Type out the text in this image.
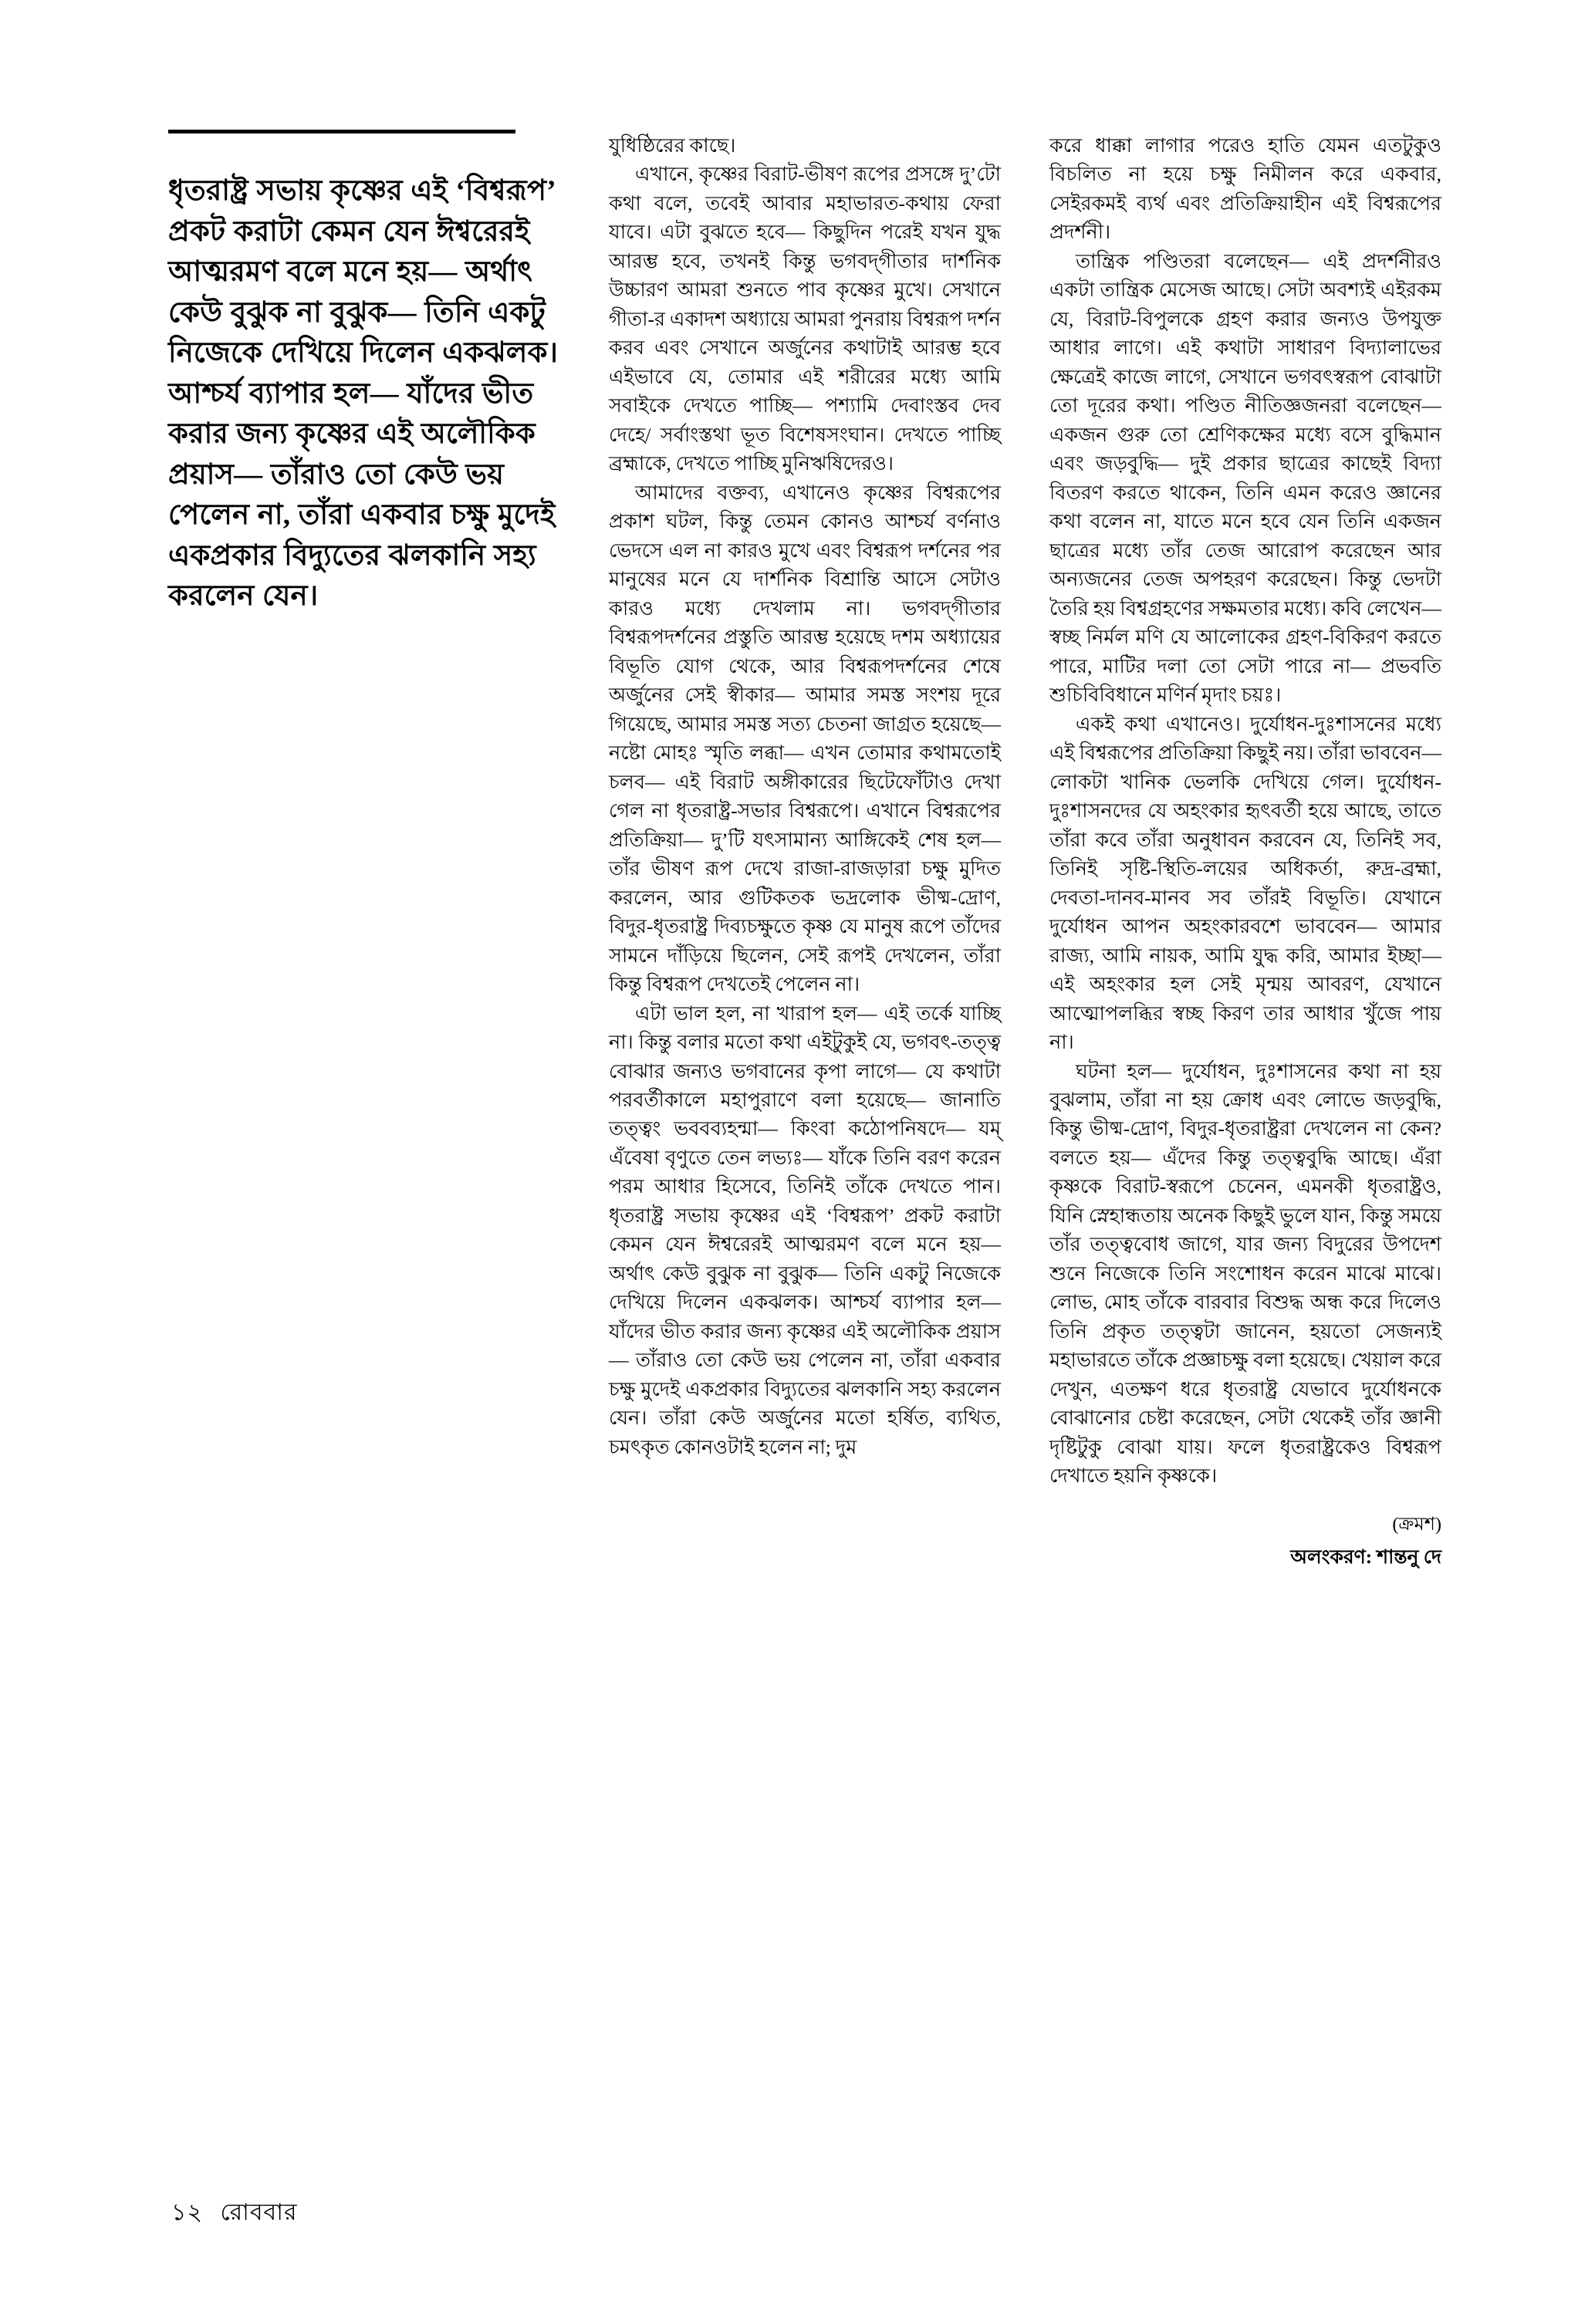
ধৃতরাষ্ট্র সভায় কৃষ্ণের এই ‘বিশ্বরূপ’ প্রকট করাটা কেমন যেন ঈশ্বরেরই আত্মরমণ বলে মনে হয়— অর্থাৎ কেউ বুঝুক না বুঝুক— তিনি একটু নিজেকে দেখিয়ে দিলেন একঝলক। আশ্চর্য ব্যাপার হল— যাঁদের ভীত করার জন্য কৃষ্ণের এই অলৌকিক প্রয়াস— তাঁরাও তো কেউ ভয় পেলেন না, তাঁরা একবার চক্ষু মুদেই একপ্রকার বিদ্যুতের ঝলকানি সহ্য করলেন যেন।

যুধিষ্ঠিরের কাছে।

এখানে, কৃষ্ণের বিরাট-ভীষণ রূপের প্রসঙ্গে দু’টো কথা বলে, তবেই আবার মহাভারত-কথায় ফেরা যাবে। এটা বুঝতে হবে— কিছুদিন পরেই যখন যুদ্ধ আরম্ভ হবে, তখনই কিন্তু ভগবদ্‌গীতার দার্শনিক উচ্চারণ আমরা শুনতে পাব কৃষ্ণের মুখে। সেখানে গীতা-র একাদশ অধ্যায়ে আমরা পুনরায় বিশ্বরূপ দর্শন করব এবং সেখানে অর্জুনের কথাটাই আরম্ভ হবে এইভাবে যে, তোমার এই শরীরের মধ্যে আমি সবাইকে দেখতে পাচ্ছি— পশ্যামি দেবাংস্তব দেব দেহে/ সর্বাংস্তথা ভূত বিশেষসংঘান। দেখতে পাচ্ছি ব্রহ্মাকে, দেখতে পাচ্ছি মুনিঋষিদেরও।

আমাদের বক্তব্য, এখানেও কৃষ্ণের বিশ্বরূপের প্রকাশ ঘটল, কিন্তু তেমন কোনও আশ্চর্য বর্ণনাও ভেদসে এল না কারও মুখে এবং বিশ্বরূপ দর্শনের পর মানুষের মনে যে দার্শনিক বিশ্রান্তি আসে সেটাও কারও মধ্যে দেখলাম না। ভগবদ্‌গীতার বিশ্বরূপদর্শনের প্রস্তুতি আরম্ভ হয়েছে দশম অধ্যায়ের বিভূতি যোগ থেকে, আর বিশ্বরূপদর্শনের শেষে অর্জুনের সেই স্বীকার— আমার সমস্ত সংশয় দূরে গিয়েছে, আমার সমস্ত সত্য চেতনা জাগ্রত হয়েছে— নষ্টো মোহঃ স্মৃতি লব্ধা— এখন তোমার কথামতোই চলব— এই বিরাট অঙ্গীকারের ছিটেফোঁটাও দেখা গেল না ধৃতরাষ্ট্র-সভার বিশ্বরূপে। এখানে বিশ্বরূপের প্রতিক্রিয়া— দু’টি যৎসামান্য আঙ্গিকেই শেষ হল— তাঁর ভীষণ রূপ দেখে রাজা-রাজড়ারা চক্ষু মুদিত করলেন, আর গুটিকতক ভদ্রলোক ভীষ্ম-দ্রোণ, বিদুর-ধৃতরাষ্ট্র দিব্যচক্ষুতে কৃষ্ণ যে মানুষ রূপে তাঁদের সামনে দাঁড়িয়ে ছিলেন, সেই রূপই দেখলেন, তাঁরা কিন্তু বিশ্বরূপ দেখতেই পেলেন না।

এটা ভাল হল, না খারাপ হল— এই তর্কে যাচ্ছি না। কিন্তু বলার মতো কথা এইটুকুই যে, ভগবৎ-তত্ত্ব বোঝার জন্যও ভগবানের কৃপা লাগে— যে কথাটা পরবর্তীকালে মহাপুরাণে বলা হয়েছে— জানাতি তত্ত্বং ভববব্যহন্মা— কিংবা কঠোপনিষদে— যম্ এঁবেষা বৃণুতে তেন লভ্যঃ— যাঁকে তিনি বরণ করেন পরম আধার হিসেবে, তিনিই তাঁকে দেখতে পান। ধৃতরাষ্ট্র সভায় কৃষ্ণের এই ‘বিশ্বরূপ’ প্রকট করাটা কেমন যেন ঈশ্বরেরই আত্মরমণ বলে মনে হয়— অর্থাৎ কেউ বুঝুক না বুঝুক— তিনি একটু নিজেকে দেখিয়ে দিলেন একঝলক। আশ্চর্য ব্যাপার হল— যাঁদের ভীত করার জন্য কৃষ্ণের এই অলৌকিক প্রয়াস— তাঁরাও তো কেউ ভয় পেলেন না, তাঁরা একবার চক্ষু মুদেই একপ্রকার বিদ্যুতের ঝলকানি সহ্য করলেন যেন। তাঁরা কেউ অর্জুনের মতো হর্ষিত, ব্যথিত, চমৎকৃত কোনওটাই হলেন না; দুম

করে ধাক্কা লাগার পরেও হাতি যেমন এতটুকুও বিচলিত না হয়ে চক্ষু নিমীলন করে একবার, সেইরকমই ব্যর্থ এবং প্রতিক্রিয়াহীন এই বিশ্বরূপের প্রদর্শনী।

তান্ত্রিক পণ্ডিতরা বলেছেন— এই প্রদর্শনীরও একটা তান্ত্রিক মেসেজ আছে। সেটা অবশ্যই এইরকম যে, বিরাট-বিপুলকে গ্রহণ করার জন্যও উপযুক্ত আধার লাগে। এই কথাটা সাধারণ বিদ্যালাভের ক্ষেত্রেই কাজে লাগে, সেখানে ভগবৎস্বরূপ বোঝাটা তো দূরের কথা। পণ্ডিত নীতিজ্ঞজনরা বলেছেন— একজন গুরু তো শ্রেণিকক্ষের মধ্যে বসে বুদ্ধিমান এবং জড়বুদ্ধি— দুই প্রকার ছাত্রের কাছেই বিদ্যা বিতরণ করতে থাকেন, তিনি এমন করেও জ্ঞানের কথা বলেন না, যাতে মনে হবে যেন তিনি একজন ছাত্রের মধ্যে তাঁর তেজ আরোপ করেছেন আর অন্যজনের তেজ অপহরণ করেছেন। কিন্তু ভেদটা তৈরি হয় বিশ্বগ্রহণের সক্ষমতার মধ্যে। কবি লেখেন— স্বচ্ছ নির্মল মণি যে আলোকের গ্রহণ-বিকিরণ করতে পারে, মাটির দলা তো সেটা পারে না— প্রভবতি শুচিবিবিধানে মণির্ন মৃদাং চয়ঃ।

একই কথা এখানেও। দুর্যোধন-দুঃশাসনের মধ্যে এই বিশ্বরূপের প্রতিক্রিয়া কিছুই নয়। তাঁরা ভাববেন— লোকটা খানিক ভেলকি দেখিয়ে গেল। দুর্যোধন-দুঃশাসনদের যে অহংকার হৃৎবর্তী হয়ে আছে, তাতে তাঁরা কবে তাঁরা অনুধাবন করবেন যে, তিনিই সব, তিনিই সৃষ্টি-স্থিতি-লয়ের অধিকর্তা, রুদ্র-ব্রহ্মা, দেবতা-দানব-মানব সব তাঁরই বিভূতি। যেখানে দুর্যোধন আপন অহংকারবশে ভাববেন— আমার রাজ্য, আমি নায়ক, আমি যুদ্ধ করি, আমার ইচ্ছা— এই অহংকার হল সেই মৃন্ময় আবরণ, যেখানে আত্মোপলব্ধির স্বচ্ছ কিরণ তার আধার খুঁজে পায় না।

ঘটনা হল— দুর্যোধন, দুঃশাসনের কথা না হয় বুঝলাম, তাঁরা না হয় ক্রোধ এবং লোভে জড়বুদ্ধি, কিন্তু ভীষ্ম-দ্রোণ, বিদুর-ধৃতরাষ্ট্ররা দেখলেন না কেন? বলতে হয়— এঁদের কিন্তু তত্ত্ববুদ্ধি আছে। এঁরা কৃষ্ণকে বিরাট-স্বরূপে চেনেন, এমনকী ধৃতরাষ্ট্রও, যিনি স্নেহান্ধতায় অনেক কিছুই ভুলে যান, কিন্তু সময়ে তাঁর তত্ত্ববোধ জাগে, যার জন্য বিদুরের উপদেশ শুনে নিজেকে তিনি সংশোধন করেন মাঝে মাঝে। লোভ, মোহ তাঁকে বারবার বিশুদ্ধ অন্ধ করে দিলেও তিনি প্রকৃত তত্ত্বটা জানেন, হয়তো সেজন্যই মহাভারতে তাঁকে প্রজ্ঞাচক্ষু বলা হয়েছে। খেয়াল করে দেখুন, এতক্ষণ ধরে ধৃতরাষ্ট্র যেভাবে দুর্যোধনকে বোঝানোর চেষ্টা করেছেন, সেটা থেকেই তাঁর জ্ঞানী দৃষ্টিটুকু বোঝা যায়। ফলে ধৃতরাষ্ট্রকেও বিশ্বরূপ দেখাতে হয়নি কৃষ্ণকে।

(ক্রমশ)
অলংকরণ: শান্তনু দে
১২ রোববার
